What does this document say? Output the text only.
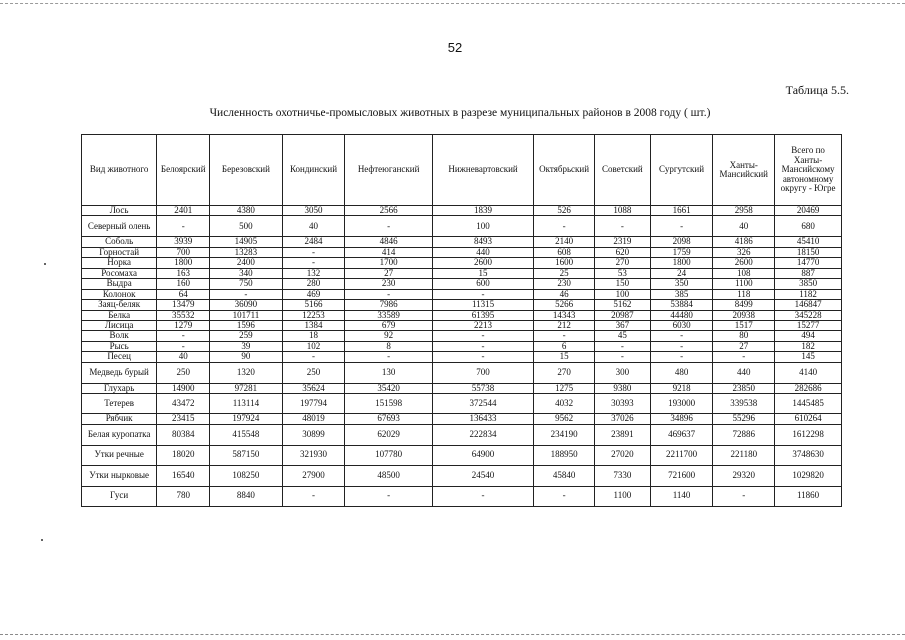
52
Таблица 5.5.
Численность охотничье-промысловых животных в разрезе муниципальных районов в 2008 году ( шт.)
Вид животного	Белоярский	Березовский	Кондинский	Нефтеюганский	Нижневартовский	Октябрьский	Советский	Сургутский	Ханты-Мансийский	Всего по Ханты-Мансийскому автономному округу - Югре
Лось	2401	4380	3050	2566	1839	526	1088	1661	2958	20469
Северный олень	-	500	40	-	100	-	-	-	40	680
Соболь	3939	14905	2484	4846	8493	2140	2319	2098	4186	45410
Горностай	700	13283	-	414	440	608	620	1759	326	18150
Норка	1800	2400	-	1700	2600	1600	270	1800	2600	14770
Росомаха	163	340	132	27	15	25	53	24	108	887
Выдра	160	750	280	230	600	230	150	350	1100	3850
Колонок	64	-	469	-	-	46	100	385	118	1182
Заяц-беляк	13479	36090	5166	7986	11315	5266	5162	53884	8499	146847
Белка	35532	101711	12253	33589	61395	14343	20987	44480	20938	345228
Лисица	1279	1596	1384	679	2213	212	367	6030	1517	15277
Волк	-	259	18	92	-	-	45	-	80	494
Рысь	-	39	102	8	-	6	-	-	27	182
Песец	40	90	-	-	-	15	-	-	-	145
Медведь бурый	250	1320	250	130	700	270	300	480	440	4140
Глухарь	14900	97281	35624	35420	55738	1275	9380	9218	23850	282686
Тетерев	43472	113114	197794	151598	372544	4032	30393	193000	339538	1445485
Рябчик	23415	197924	48019	67693	136433	9562	37026	34896	55296	610264
Белая куропатка	80384	415548	30899	62029	222834	234190	23891	469637	72886	1612298
Утки речные	18020	587150	321930	107780	64900	188950	27020	2211700	221180	3748630
Утки нырковые	16540	108250	27900	48500	24540	45840	7330	721600	29320	1029820
Гуси	780	8840	-	-	-	-	1100	1140	-	11860
